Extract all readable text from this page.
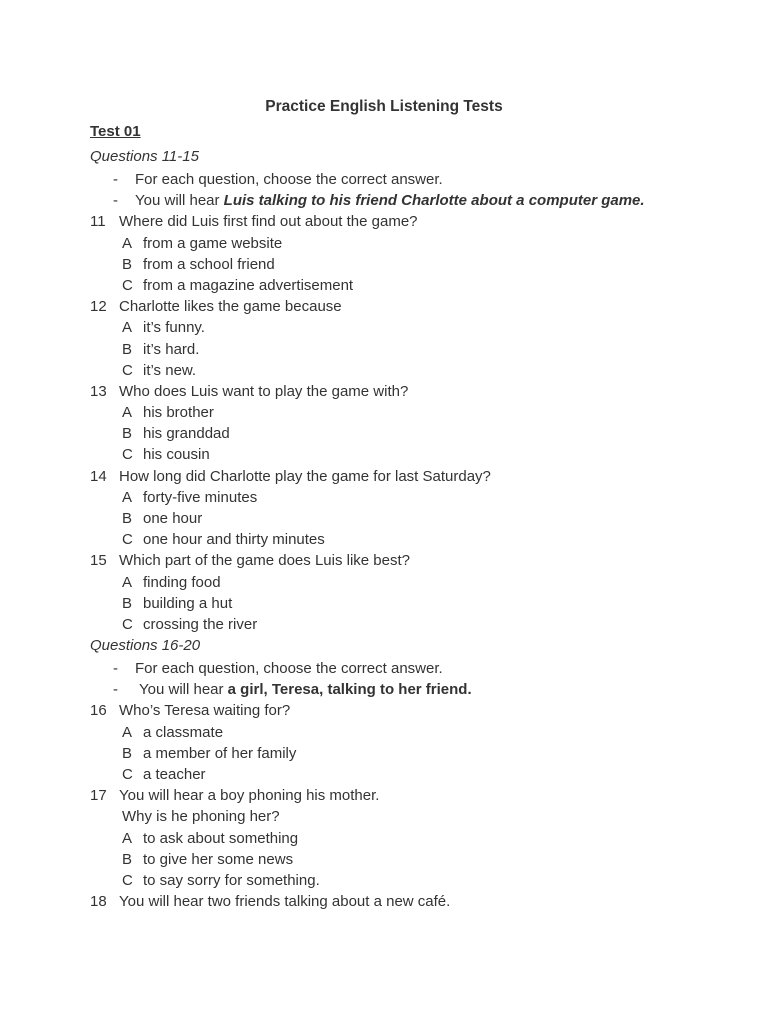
Practice English Listening Tests
Test 01
Questions 11-15
- For each question, choose the correct answer.
- You will hear Luis talking to his friend Charlotte about a computer game.
11 Where did Luis first find out about the game?
A from a game website
B from a school friend
C from a magazine advertisement
12 Charlotte likes the game because
A it’s funny.
B it’s hard.
C it’s new.
13 Who does Luis want to play the game with?
A his brother
B his granddad
C his cousin
14 How long did Charlotte play the game for last Saturday?
A forty-five minutes
B one hour
C one hour and thirty minutes
15 Which part of the game does Luis like best?
A finding food
B building a hut
C crossing the river
Questions 16-20
- For each question, choose the correct answer.
- You will hear a girl, Teresa, talking to her friend.
16 Who’s Teresa waiting for?
A a classmate
B a member of her family
C a teacher
17 You will hear a boy phoning his mother.
Why is he phoning her?
A to ask about something
B to give her some news
C to say sorry for something.
18 You will hear two friends talking about a new café.
